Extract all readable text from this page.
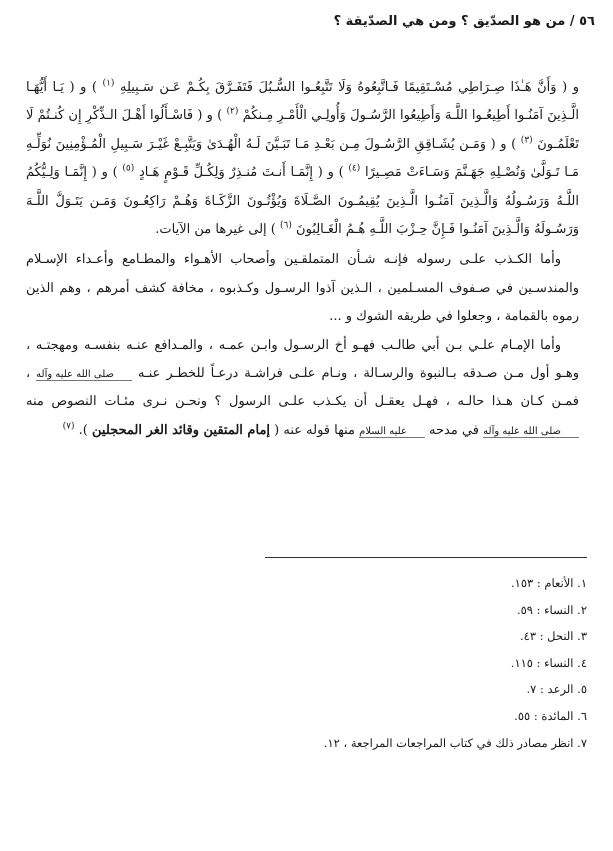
٥٦ / من هو الصدّيق ؟ ومن هي الصدّيقة ؟

و ( وَأَنَّ هَـٰذَا صِـرَاطِي مُسْـتَقِيمًا فَـاتَّبِعُوهُ وَلَا تَتَّبِعُـوا السُّـبُلَ فَتَفَـرَّقَ بِكُـمْ عَـن سَـبِيلِهِ $^{(١)}$ ) و ( يَـا أَيُّهَـا الَّـذِينَ آمَنُـوا أَطِيعُـوا اللَّـهَ وَأَطِيعُوا الرَّسُـولَ وَأُولِـي الْأَمْـرِ مِـنكُمْ $^{(٢)}$ ) و ( فَاسْـأَلُوا أَهْـلَ الـذِّكْرِ إِن كُنـتُمْ لَا تَعْلَمُـونَ $^{(٣)}$ ) و ( وَمَـن يُشَـاقِقِ الرَّسُـولَ مِـن بَعْـدِ مَـا تَبَـيَّنَ لَـهُ الْهُـدَىٰ وَيَتَّبِـعْ غَيْـرَ سَـبِيلِ الْمُـؤْمِنِينَ نُوَلِّـهِ مَـا تَـوَلَّىٰ وَنُصْـلِهِ جَهَـنَّمَ وَسَـاءَتْ مَصِـيرًا $^{(٤)}$ ) و ( إِنَّمَـا أَنـتَ مُنـذِرٌ وَلِكُـلِّ قَـوْمٍ هَـادٍ $^{(٥)}$ ) و ( إِنَّمَـا وَلِـيُّكُمُ اللَّـهُ وَرَسُـولُهُ وَالَّـذِينَ آمَنُـوا الَّـذِينَ يُقِيمُـونَ الصَّـلَاةَ وَيُؤْتُـونَ الزَّكَـاةَ وَهُـمْ رَاكِعُـونَ وَمَـن يَتَـوَلَّ اللَّـهَ وَرَسُـولَهُ وَالَّـذِينَ آمَنُـوا فَـإِنَّ حِـزْبَ اللَّـهِ هُـمُ الْغَـالِبُونَ $^{(٦)}$ ) إلى غيرها من الآيات.

وأما الكـذب علـى رسوله فإنـه شـأن المتملقـين وأصحاب الأهـواء والمطـامع وأعـداء الإسـلام والمندسـين في صـفوف المسـلمين ، الـذين آذوا الرسـول وكـذبوه ، مخافة كشف أمرهم ، وهم الذين رموه بالقمامة ، وجعلوا في طريقه الشوك و ...

وأما الإمـام علـي بـن أبي طالـب فهـو أخ الرسـول وابـن عمـه ، والمـدافع عنـه بنفسـه ومهجتـه ، وهـو أول مـن صـدقه بـالنبوة والرسـالة ، ونـام علـى فراشـة درعـاً للخطـر عنـه صلى الله عليه وآله ، فمـن كـان هـذا حالـه ، فهـل يعقـل أن يكـذب علـى الرسول ؟ ونحـن نـرى مئـات النصوص منه صلى الله عليه وآله في مدحه عليه السلام منها قوله عنه ( إمام المتقين وقائد الغر المحجلين ). $^{(٧)}$

١. الأنعام : ١٥٣.
٢. النساء : ٥٩.
٣. النحل : ٤٣.
٤. النساء : ١١٥.
٥. الرعد : ٧.
٦. المائدة : ٥٥.
٧. انظر مصادر ذلك في كتاب المراجعات المراجعة ، ١٢.
